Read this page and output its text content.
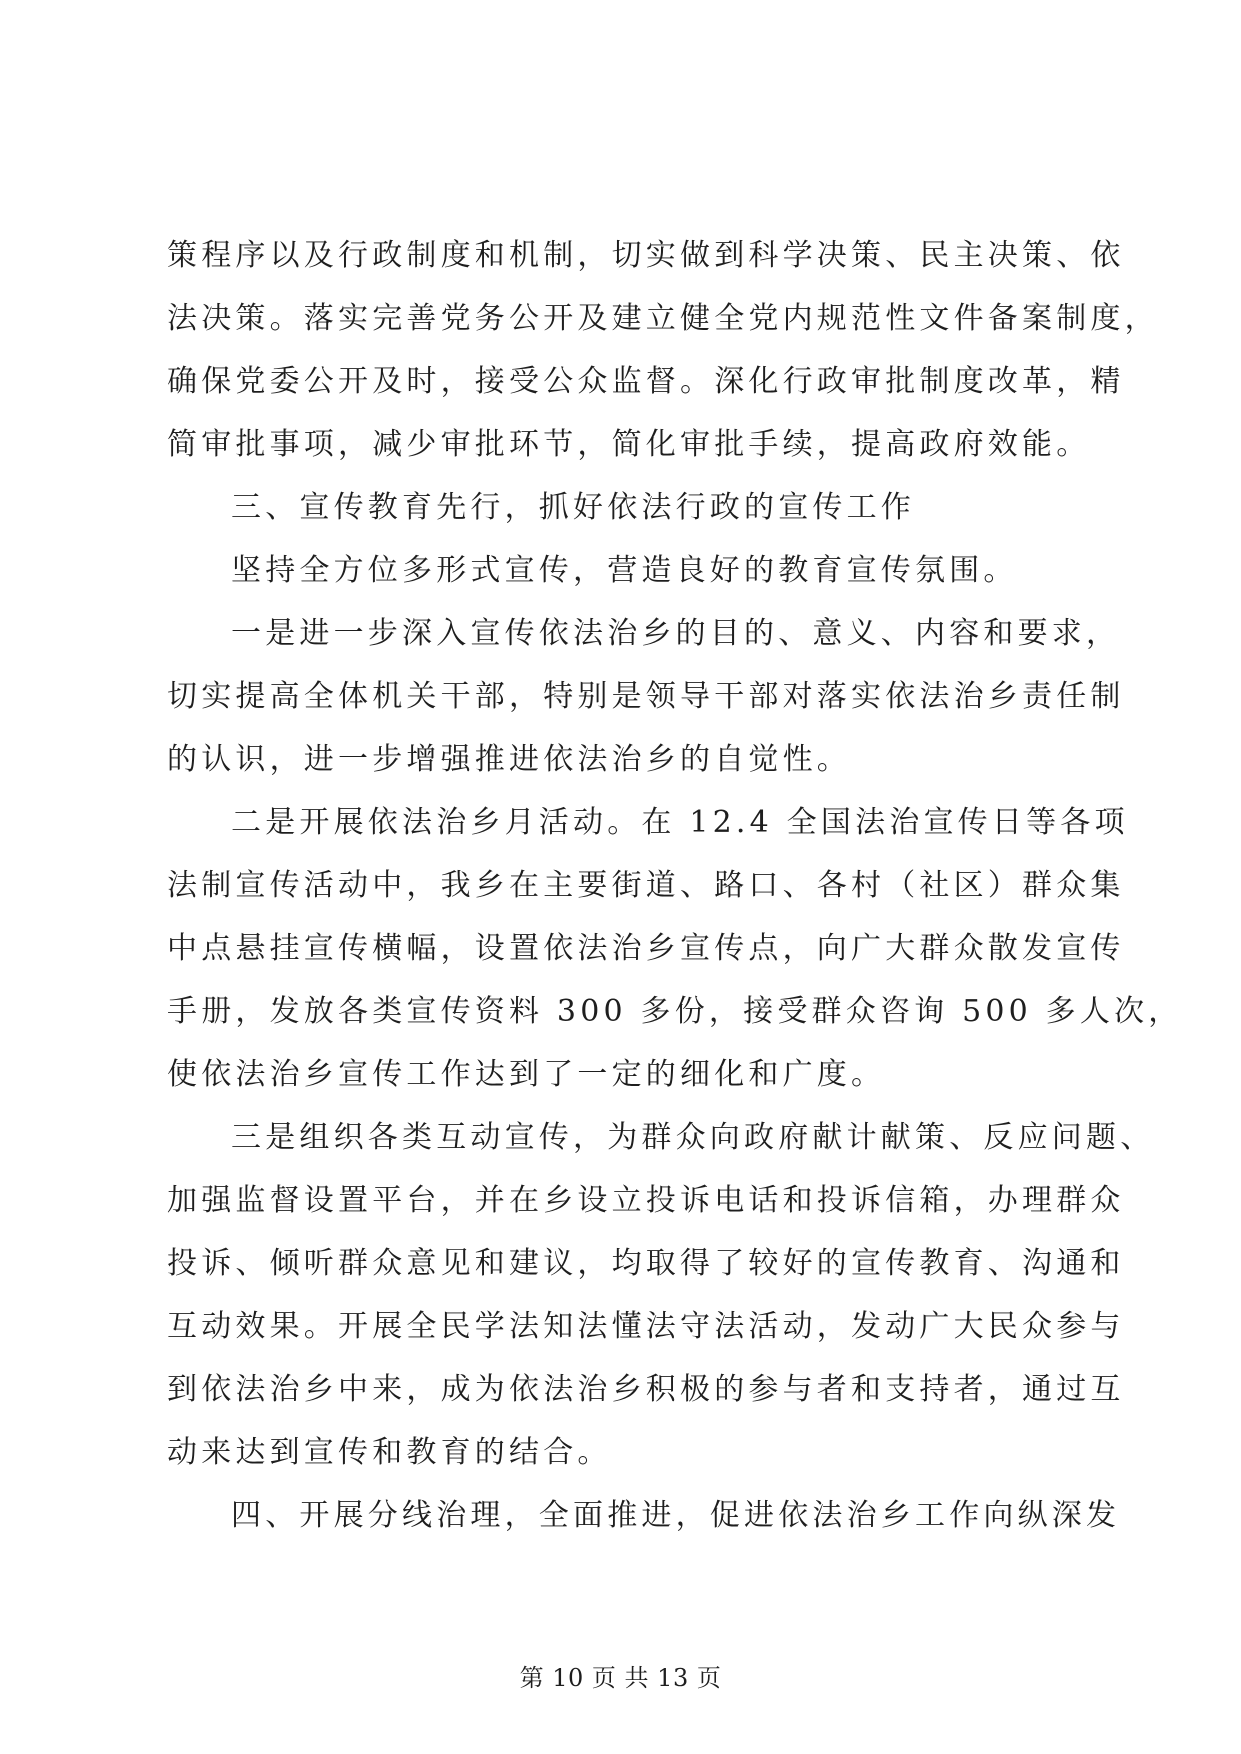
策程序以及行政制度和机制，切实做到科学决策、民主决策、依
法决策。落实完善党务公开及建立健全党内规范性文件备案制度，
确保党委公开及时，接受公众监督。深化行政审批制度改革，精
简审批事项，减少审批环节，简化审批手续，提高政府效能。
三、宣传教育先行，抓好依法行政的宣传工作
坚持全方位多形式宣传，营造良好的教育宣传氛围。
一是进一步深入宣传依法治乡的目的、意义、内容和要求，
切实提高全体机关干部，特别是领导干部对落实依法治乡责任制
的认识，进一步增强推进依法治乡的自觉性。
二是开展依法治乡月活动。在 12.4 全国法治宣传日等各项
法制宣传活动中，我乡在主要街道、路口、各村（社区）群众集
中点悬挂宣传横幅，设置依法治乡宣传点，向广大群众散发宣传
手册，发放各类宣传资料 300 多份，接受群众咨询 500 多人次，
使依法治乡宣传工作达到了一定的细化和广度。
三是组织各类互动宣传，为群众向政府献计献策、反应问题、
加强监督设置平台，并在乡设立投诉电话和投诉信箱，办理群众
投诉、倾听群众意见和建议，均取得了较好的宣传教育、沟通和
互动效果。开展全民学法知法懂法守法活动，发动广大民众参与
到依法治乡中来，成为依法治乡积极的参与者和支持者，通过互
动来达到宣传和教育的结合。
四、开展分线治理，全面推进，促进依法治乡工作向纵深发
第 10 页 共 13 页
